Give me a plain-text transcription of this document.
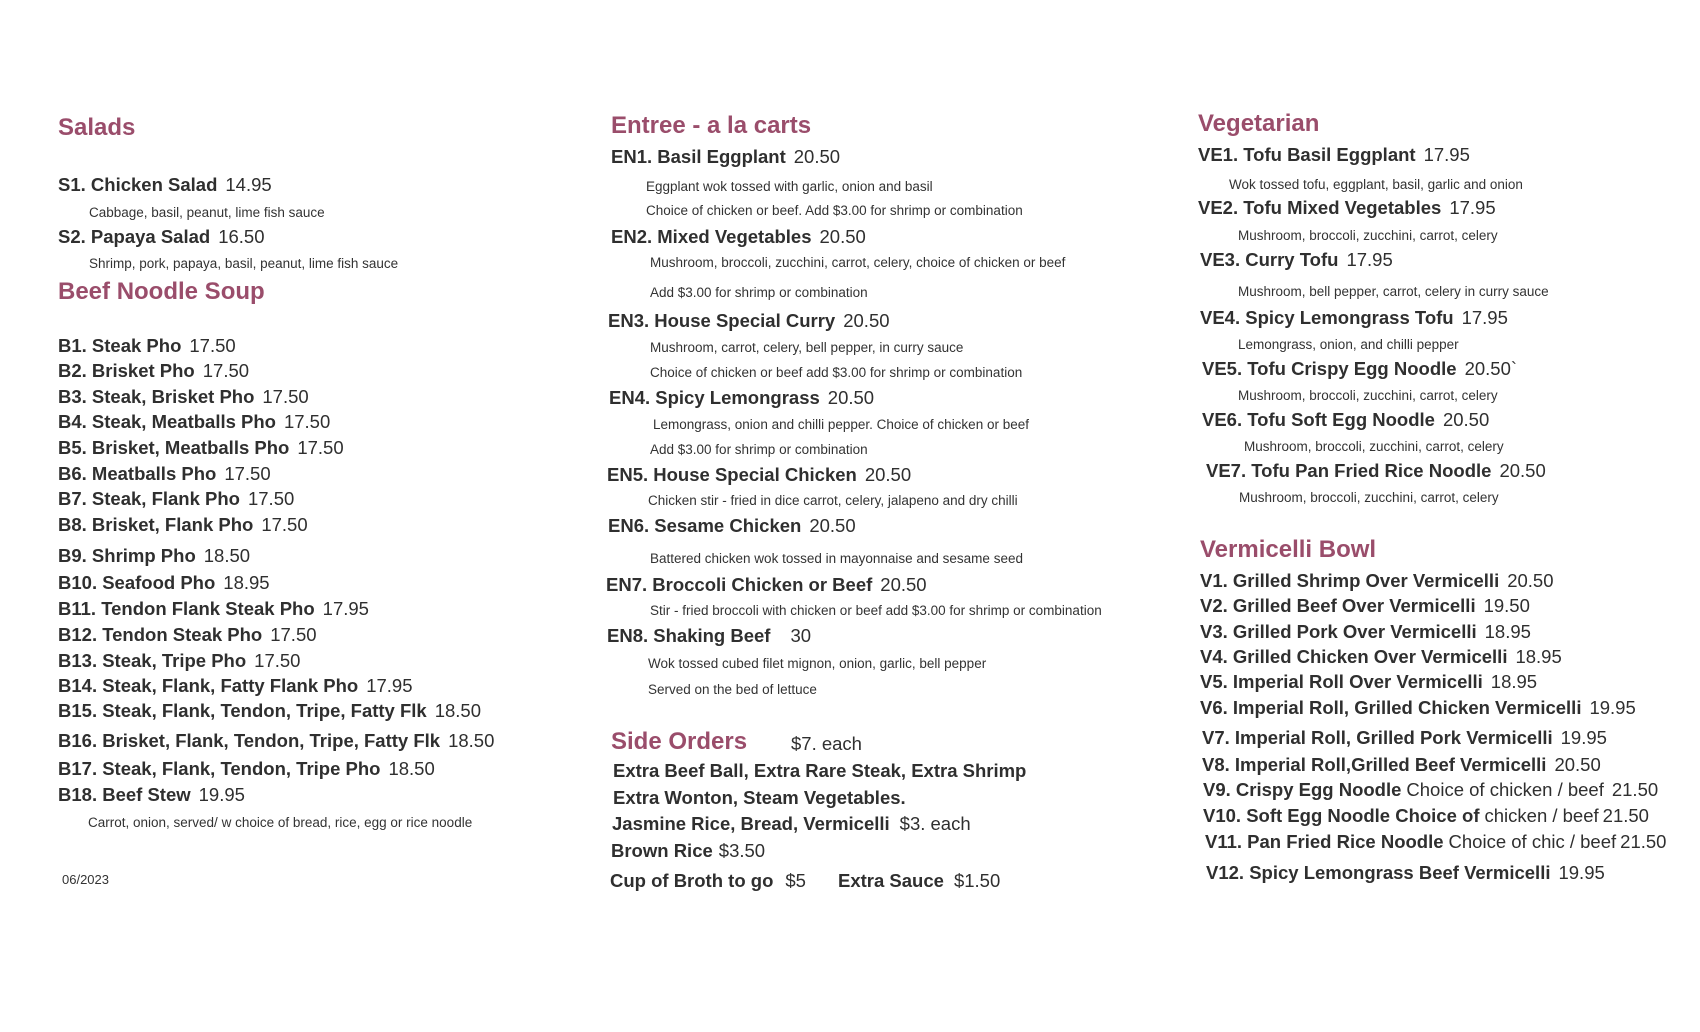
Salads
S1. Chicken Salad 14.95
Cabbage, basil, peanut, lime fish sauce
S2. Papaya Salad 16.50
Shrimp, pork, papaya, basil, peanut, lime fish sauce
Beef Noodle Soup
B1. Steak Pho 17.50
B2. Brisket Pho 17.50
B3. Steak, Brisket Pho 17.50
B4. Steak, Meatballs Pho 17.50
B5. Brisket, Meatballs Pho 17.50
B6. Meatballs Pho 17.50
B7. Steak, Flank Pho 17.50
B8. Brisket, Flank Pho 17.50
B9. Shrimp Pho 18.50
B10. Seafood Pho 18.95
B11. Tendon Flank Steak Pho 17.95
B12. Tendon Steak Pho 17.50
B13. Steak, Tripe Pho 17.50
B14. Steak, Flank, Fatty Flank Pho 17.95
B15. Steak, Flank, Tendon, Tripe, Fatty Flk 18.50
B16. Brisket, Flank, Tendon, Tripe, Fatty Flk 18.50
B17. Steak, Flank, Tendon, Tripe Pho 18.50
B18. Beef Stew 19.95
Carrot, onion, served/ w choice of bread, rice, egg or rice noodle
06/2023
Entree - a la carts
EN1. Basil Eggplant 20.50
Eggplant wok tossed with garlic, onion and basil
Choice of chicken or beef. Add $3.00 for shrimp or combination
EN2. Mixed Vegetables 20.50
Mushroom, broccoli, zucchini, carrot, celery, choice of chicken or beef
Add $3.00 for shrimp or combination
EN3. House Special Curry 20.50
Mushroom, carrot, celery, bell pepper, in curry sauce
Choice of chicken or beef add $3.00 for shrimp or combination
EN4. Spicy Lemongrass 20.50
Lemongrass, onion and chilli pepper. Choice of chicken or beef
Add $3.00 for shrimp or combination
EN5. House Special Chicken 20.50
Chicken stir - fried in dice carrot, celery, jalapeno and dry chilli
EN6. Sesame Chicken 20.50
Battered chicken wok tossed in mayonnaise and sesame seed
EN7. Broccoli Chicken or Beef 20.50
Stir - fried broccoli with chicken or beef add $3.00 for shrimp or combination
EN8. Shaking Beef 30
Wok tossed cubed filet mignon, onion, garlic, bell pepper
Served on the bed of lettuce
Side Orders $7. each
Extra Beef Ball, Extra Rare Steak, Extra Shrimp
Extra Wonton, Steam Vegetables.
Jasmine Rice, Bread, Vermicelli $3. each
Brown Rice $3.50
Cup of Broth to go $5 Extra Sauce $1.50
Vegetarian
VE1. Tofu Basil Eggplant 17.95
Wok tossed tofu, eggplant, basil, garlic and onion
VE2. Tofu Mixed Vegetables 17.95
Mushroom, broccoli, zucchini, carrot, celery
VE3. Curry Tofu 17.95
Mushroom, bell pepper, carrot, celery in curry sauce
VE4. Spicy Lemongrass Tofu 17.95
Lemongrass, onion, and chilli pepper
VE5. Tofu Crispy Egg Noodle 20.50`
Mushroom, broccoli, zucchini, carrot, celery
VE6. Tofu Soft Egg Noodle 20.50
Mushroom, broccoli, zucchini, carrot, celery
VE7. Tofu Pan Fried Rice Noodle 20.50
Mushroom, broccoli, zucchini, carrot, celery
Vermicelli Bowl
V1. Grilled Shrimp Over Vermicelli 20.50
V2. Grilled Beef Over Vermicelli 19.50
V3. Grilled Pork Over Vermicelli 18.95
V4. Grilled Chicken Over Vermicelli 18.95
V5. Imperial Roll Over Vermicelli 18.95
V6. Imperial Roll, Grilled Chicken Vermicelli 19.95
V7. Imperial Roll, Grilled Pork Vermicelli 19.95
V8. Imperial Roll,Grilled Beef Vermicelli 20.50
V9. Crispy Egg Noodle Choice of chicken / beef 21.50
V10. Soft Egg Noodle Choice of chicken / beef 21.50
V11. Pan Fried Rice Noodle Choice of chic / beef 21.50
V12. Spicy Lemongrass Beef Vermicelli 19.95
